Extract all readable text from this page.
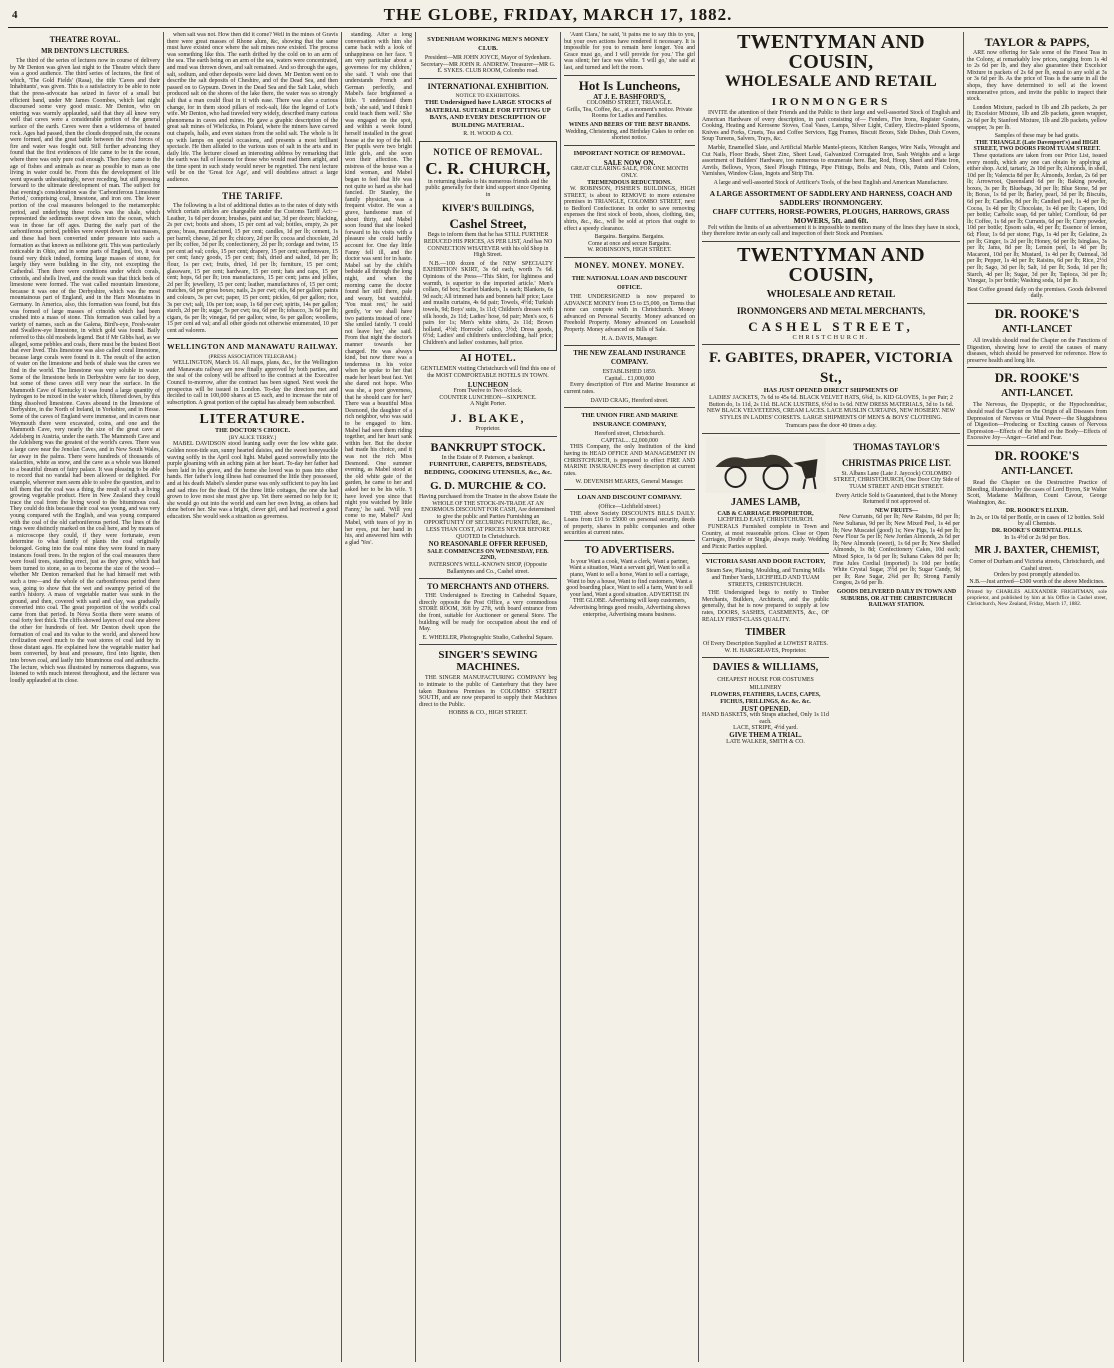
4	THE GLOBE, FRIDAY, MARCH 17, 1882.
THEATRE ROYAL.
MR DENTON'S LECTURES.

The third of the series of lectures now in course of delivery by Mr Denton was given last night to the Theatre which there was a good audience. The third series of lectures, the first of which, 'The Gold Fields' (Rasa), the title 'Caves and their Inhabitants', was given. This is a satisfactory to be able to note that the press-advocate has seized in favor of a small but efficient band, under Mr James Coombes, which last night discoursed some very good music. Mr Denton, who on entering was warmly applauded, said that they all knew very well that caves were a considerable portion of the general surface of the earth. Caves were then a wilderness of heated rock. Ages had passed, then the clouds dropped rain, the oceans were formed, and the great battle between the rival forces of fire and water was fought out. Still further advancing they found that the first evidences of life came to be in the ocean, where there was only pure coal enough. Then they came to the age of fishes and animals as near as possible to man as one living in water could be. From this the development of life went upwards unhesitatingly, never receding, but still pressing forward to the ultimate development of man. The subject for that evening's consideration was the 'Carboniferous Limestone Period,' comprising coal, limestone, and iron ore. The lower portion of the coal measures belonged to the metamorphic period, and underlying these rocks was the shale, which represented the sediments swept down into the ocean, which was in those far off ages. During the early part of the carboniferous period, pebbles were swept down in vast masses, and these had been converted under pressure into such a formation as that known as millstone grit. This was particularly noticeable in Ohio, and in some parts of England, too, it was found very thick indeed, forming large masses of stone, for largely they were building in the city, not excepting the Cathedral. Then there were conditions under which corals, crinoids, and shells lived, and the result was that thick beds of limestone were formed. The vast called mountain limestone, because it was one of the Derbyshire, which was the most mountainous part of England, and in the Harz Mountains in Germany. In America, also, this formation was found, but this was formed of large masses of crinoids which had been crushed into a mass of stone. This formation was called by a variety of names, such as the Galena, Bird's-eye, Fresh-water and Swallow-eye limestone, in which gold was found. Baily referred to this old mosbeds legend. But if Mr Gibbs had, as we alleged, some pebbles and coals, there must be the busiest Boot that ever lived. This limestone was also called coral limestone, because large corals were found in it. The result of the action of water on the limestone and beds of shale was the caves we find in the world. The limestone was very soluble in water. Some of the limestone beds in Derbyshire were far too deep, but some of these caves still very near the surface. In the Mammoth Cave of Kentucky it was found a large quantity of hydrogen to be mixed in the water which, filtered down, by this thing dissolved limestone. Caves abound in the limestone of Derbyshire, in the North of Ireland, in Yorkshire, and in Hesse. Some of the caves of England were immense, and in caves near Weymouth there were excavated, coins, and one and the Mammoth Cave, very nearly the size of the great cave at Adelsberg in Austria, under the earth. The Mammoth Cave and the Adelsberg was the greatest of the world's caves. There was a large cave near the Jenolan Caves, and in New South Wales, far away in the palms. There were hundreds of thousands of stalactites, white as snow, and the cave as a whole was likened to a beautiful dream of fairy palace. It was pleasing to be able to record that no vandal had been allowed or delighted. For example, wherever men seem able to solve the question, and to tell them that the coal was a thing, the result of such a living growing vegetable product. Here in New Zealand they could trace the coal from the living wood to the bituminous coal. They could do this because their coal was young, and was very young compared with the English, and was young compared with the coal of the old carboniferous period. The lines of the rings were distinctly marked on the coal here, and by means of a microscope they could, if they were fortunate, even determine to what family of plants the coal originally belonged. Going into the coal mine they were found in many instances fossil trees. In the region of the coal measures there were fossil trees, standing erect, just as they grew, which had been turned to stone, so as to become the size of the wood—whether Mr Denton remarked that he had himself met with such a tree—and the whole of the carboniferous period there was, going to show that the wet and swampy period of the earth's history. A mass of vegetable matter was sunk in the ground, and then, covered with sand and clay, was gradually converted into coal. The great proportion of the world's coal came from that period. In Nova Scotia there were seams of coal forty feet thick. The cliffs showed layers of coal one above the other for hundreds of feet. Mr Denton dwelt upon the formation of coal and its value to the world, and showed how civilization owed much to the vast stores of coal laid by in those distant ages. He explained how the vegetable matter had been converted, by heat and pressure, first into lignite, then into brown coal, and lastly into bituminous coal and anthracite. The lecture, which was illustrated by numerous diagrams, was listened to with much interest throughout, and the lecturer was loudly applauded at its close.

when salt was not. How then did it come? Well in the mines of Gravis there were great masses of Rhone alum, &c, showing that the same must have existed once where the salt mines now existed. The process was something like this. The earth drifted by the cold on to an arm of the sea. The earth being on an arm of the sea, waters were concentrated, and mud was thrown down, and salt remained. And so through the ages, salt, sodium, and other deposits were laid down. Mr Denton went on to describe the salt deposits of Cheshire, and of the Dead Sea, and then passed on to Gypsum. Down in the Dead Sea and the Salt Lake, which produced salt on the shores of the lake there, the water was so strongly salt that a man could float in it with ease. There was also a curious change, for in them stood pillars of rock-salt, like the legend of Lot's wife. Mr Denton, who had traveled very widely, described many curious phenomena in caves and mines. He gave a graphic description of the great salt mines of Wieliczka, in Poland, where the miners have carved out chapels, halls, and even statues from the solid salt. The whole is lit up with lamps on special occasions, and presents a most brilliant spectacle. He then alluded to the various uses of salt in the arts and in daily life. The lecturer closed an interesting address by remarking that the earth was full of lessons for those who would read them aright, and the time spent in such study would never be regretted. The next lecture will be on the 'Great Ice Age', and will doubtless attract a large audience.

THE TARIFF.

The following is a list of additional duties as to the rates of duty with which certain articles are chargeable under the Customs Tariff Act:— Leather, 1s 6d per dozen; brushes, paint and tar, 3d per dozen; blacking, 2s per cwt; boots and shoes, 15 per cent ad val; bottles, empty, 2s per gross; brass, manufactured, 15 per cent; candles, 1d per lb; cement, 1s per barrel; cheese, 2d per lb; chicory, 2d per lb; cocoa and chocolate, 2d per lb; coffee, 3d per lb; confectionery, 2d per lb; cordage and twine, 15 per cent ad val; corks, 15 per cent; drapery, 15 per cent; earthenware, 15 per cent; fancy goods, 15 per cent; fish, dried and salted, 1d per lb; flour, 1s per cwt; fruits, dried, 1d per lb; furniture, 15 per cent; glassware, 15 per cent; hardware, 15 per cent; hats and caps, 15 per cent; hops, 6d per lb; iron manufactures, 15 per cent; jams and jellies, 2d per lb; jewellery, 15 per cent; leather, manufactures of, 15 per cent; matches, 6d per gross boxes; nails, 2s per cwt; oils, 6d per gallon; paints and colours, 3s per cwt; paper, 15 per cent; pickles, 6d per gallon; rice, 3s per cwt; salt, 10s per ton; soap, 1s 6d per cwt; spirits, 14s per gallon; starch, 2d per lb; sugar, 5s per cwt; tea, 6d per lb; tobacco, 3s 6d per lb; cigars, 6s per lb; vinegar, 6d per gallon; wine, 6s per gallon; woollens, 15 per cent ad val; and all other goods not otherwise enumerated, 10 per cent ad valorem.

WELLINGTON AND MANAWATU RAILWAY.
(PRESS ASSOCIATION TELEGRAM.)

WELLINGTON, March 16. All maps, plans, &c., for the Wellington and Manawatu railway are now finally approved by both parties, and the seal of the colony will be affixed to the contract at the Executive Council to-morrow, after the contract has been signed. Next week the prospectus will be issued in London. To-day the directors met and decided to call in 100,000 shares at £5 each, and to increase the rate of subscription. A great portion of the capital has already been subscribed.

LITERATURE.
THE DOCTOR'S CHOICE.
[BY ALICE TERRY.]

MABEL DAVIDSON stood leaning sadly over the low white gate. Golden noon-tide sun, sunny hearted daisies, and the sweet honeysuckle waving softly in the April cool light. Mabel gazed sorrowfully into the purple gloaming with an aching pain at her heart. To-day her father had been laid in his grave, and the home she loved was to pass into other hands. Her father's long illness had consumed the little they possessed, and at his death Mabel's slender purse was only sufficient to pay his last and sad rites for the dead. Of the three little cottages, the one she had grown to love most she must give up. Yet there seemed no help for it; she would go out into the world and earn her own living, as others had done before her. She was a bright, clever girl, and had received a good education. She would seek a situation as governess.

standing. After a long conversation with him she came back with a look of unhappiness on her face. 'I am very particular about a governess for my children,' she said. 'I wish one that understands French and German perfectly, and Mabel's face brightened a little. 'I understand them both,' she said, 'and I think I could teach them well.' She was engaged on the spot, and within a week found herself installed in the great house at the top of the hill. Her pupils were two bright little girls, and she soon won their affection. The mistress of the house was a kind woman, and Mabel began to feel that life was not quite so hard as she had fancied. Dr Stanley, the family physician, was a frequent visitor. He was a grave, handsome man of about thirty, and Mabel soon found that she looked forward to his visits with a pleasure she could hardly account for. One day little Fanny fell ill, and the doctor was sent for in haste. Mabel sat by the child's bedside all through the long night, and when the morning came the doctor found her still there, pale and weary, but watchful. 'You must rest,' he said gently, 'or we shall have two patients instead of one.' She smiled faintly. 'I could not leave her,' she said. From that night the doctor's manner towards her changed. He was always kind, but now there was a tenderness in his voice when he spoke to her that made her heart beat fast. Yet she dared not hope. Who was she, a poor governess, that he should care for her? There was a beautiful Miss Desmond, the daughter of a rich neighbor, who was said to be engaged to him. Mabel had seen them riding together, and her heart sank within her. But the doctor had made his choice, and it was not the rich Miss Desmond. One summer evening, as Mabel stood at the old white gate of the garden, he came to her and asked her to be his wife. 'I have loved you since that night you watched by little Fanny,' he said. 'Will you come to me, Mabel?' And Mabel, with tears of joy in her eyes, put her hand in his, and answered him with a glad 'Yes'.

SYDENHAM WORKING MEN'S MONEY CLUB.

President—MR JOHN JOYCE, Mayor of Sydenham. Secretary—MR JOHN R. ANDREW. Treasurer—MR G. E. SYKES. CLUB ROOM, Colombo road.

INTERNATIONAL EXHIBITION.
NOTICE TO EXHIBITORS.

THE Undersigned have LARGE STOCKS of MATERIAL SUITABLE FOR FITTING UP BAYS, AND EVERY DESCRIPTION OF BUILDING MATERIAL.

R. H. WOOD & CO.
NOTICE OF REMOVAL.
C. R. CHURCH,

in returning thanks to his numerous friends and the public generally for their kind support since Opening in

KIVER'S BUILDINGS,
Cashel Street,

Begs to inform them that he has STILL FURTHER REDUCED HIS PRICES, AS PER LIST, And has NO CONNECTION WHATEVER with his old Shop in High Street.

N.B.—100 dozen of the NEW SPECIALTY EXHIBITION SKIRT, 3s 6d each, worth 7s 6d. Opinions of the Press—'This Skirt, for lightness and warmth, is superior to the imported article.' Men's collars, 6d box; Scarlet blankets, 1s each; Blankets, 6s 9d each; All trimmed hats and bonnets half price; Lace and muslin curtains, 4s 6d pair; Towels, 4½d; Turkish towels, 9d; Boys' suits, 1s 11d; Children's dresses with silk hoods, 2s 11d; Ladies' hose, 6d pair; Men's sox, 6 pairs for 1s; Men's white shirts, 2s 11d; Brown holland, 4½d; Horrocks' calico, 3½d; Dress goods, 6½d; Ladies' and children's underclothing, half price; Children's and ladies' costumes, half price.

AI HOTEL.

GENTLEMEN visiting Christchurch will find this one of the MOST COMFORTABLE HOTELS IN TOWN.

LUNCHEON
From Twelve to Two o'clock.
COUNTER LUNCHEON—SIXPENCE.
A Night Porter.
J. BLAKE,
Proprietor.
BANKRUPT STOCK.
In the Estate of P. Paterson, a bankrupt.
FURNITURE, CARPETS, BEDSTEADS, BEDDING, COOKING UTENSILS, &c., &c.
G. D. MURCHIE & CO.

Having purchased from the Trustee in the above Estate the WHOLE OF THE STOCK-IN-TRADE AT AN ENORMOUS DISCOUNT FOR CASH, Are determined to give the public and Parties Furnishing an OPPORTUNITY OF SECURING FURNITURE, &c., LESS THAN COST, AT PRICES NEVER BEFORE QUOTED In Christchurch.

NO REASONABLE OFFER REFUSED,
SALE COMMENCES ON WEDNESDAY, FEB. 22ND,
PATERSON'S WELL-KNOWN SHOP, (Opposite Ballantynes and Co., Cashel street.
TO MERCHANTS AND OTHERS.

THE Undersigned is Erecting in Cathedral Square, directly opposite the Post Office, a very commodious STORE ROOM, 36ft by 27ft, with board entrance from the front, suitable for Auctioneer or general Store. The building will be ready for occupation about the end of May.

E. WHEELER, Photographic Studio, Cathedral Square.
SINGER'S SEWING MACHINES.

THE SINGER MANUFACTURING COMPANY beg to intimate to the public of Canterbury that they have taken Business Premises in COLOMBO STREET SOUTH, and are now prepared to supply their Machines direct to the Public.

HOBBS & CO., HIGH STREET.

'Aunt Clara,' he said, 'it pains me to say this to you, but your own actions have rendered it necessary. It is impossible for you to remain here longer. You and Grace must go, and I will provide for you.' The girl was silent; her face was white. 'I will go,' she said at last, and turned and left the room.

Hot Is Luncheons,
AT J. E. BASHFORD'S,
COLOMBO STREET, TRIANGLE.

Grills, Tea, Coffee, &c., at a moment's notice. Private Rooms for Ladies and Families.

WINES AND BEERS OF THE BEST BRANDS.

Wedding, Christening, and Birthday Cakes to order on shortest notice.

IMPORTANT NOTICE OF REMOVAL.
SALE NOW ON.
GREAT CLEARING SALE, FOR ONE MONTH ONLY.
TREMENDOUS REDUCTIONS.

W. ROBINSON, FISHER'S BUILDINGS, HIGH STREET, is about to REMOVE to more extensive premises in TRIANGLE, COLOMBO STREET, next to Bedford Confectioner. In order to save removing expenses the first stock of boots, shoes, clothing, ties, shirts, &c., &c., will be sold at prices that ought to effect a speedy clearance.

Bargains. Bargains. Bargains.
Come at once and secure Bargains.
W. ROBINSON'S, HIGH STREET.
MONEY. MONEY. MONEY.
THE NATIONAL LOAN AND DISCOUNT OFFICE.

THE UNDERSIGNED is now prepared to ADVANCE MONEY from £5 to £5,000, on Terms that none can compete with in Christchurch. Money advanced on Personal Security. Money advanced on Freehold Property. Money advanced on Leasehold Property. Money advanced on Bills of Sale.

H. A. DAVIS, Manager.
THE NEW ZEALAND INSURANCE COMPANY.
ESTABLISHED 1859.
Capital... £1,000,000

Every description of Fire and Marine Insurance at current rates.

DAVID CRAIG, Hereford street.
THE UNION FIRE AND MARINE INSURANCE COMPANY,
Hereford street, Christchurch.
CAPITAL... £2,000,000

THIS Company, the only Institution of the kind having its HEAD OFFICE AND MANAGEMENT IN CHRISTCHURCH, is prepared to effect FIRE AND MARINE INSURANCES every description at current rates.

W. DEVENISH MEARES, General Manager.
LOAN AND DISCOUNT COMPANY.
(Office—Lichfield street.)

THE above Society DISCOUNTS BILLS DAILY. Loans from £10 to £5000 on personal security, deeds of property, shares in public companies and other securities at current rates.

TO ADVERTISERS.

Is your Want a cook, Want a clerk, Want a partner, Want a situation, Want a servant girl, Want to sell a piano, Want to sell a horse, Want to sell a carriage, Want to buy a house, Want to find customers, Want a good boarding place, Want to sell a farm, Want to sell your land, Want a good situation. ADVERTISE IN THE GLOBE. Advertising will keep customers, Advertising brings good results, Advertising shows enterprise, Advertising means business.

TWENTYMAN AND COUSIN,
WHOLESALE AND RETAIL
IRONMONGERS

INVITE the attention of their Friends and the Public to their large and well-assorted Stock of English and American Hardware of every description, in part consisting of— Fenders, Fire Irons, Register Grates, Cooking, Heating and Kerosene Stoves, Coal Vases, Lamps, Silver Light, Cutlery, Electro-plated Spoons, Knives and Forks, Cruets, Tea and Coffee Services, Egg Frames, Biscuit Boxes, Side Dishes, Dish Covers, Soup Tureens, Salvers, Trays, &c.

Marble, Enamelled Slate, and Artificial Marble Mantel-pieces, Kitchen Ranges, Wire Nails, Wrought and Cut Nails, Floor Brads, Sheet Zinc, Sheet Lead, Galvanized Corrugated Iron, Sash Weights and a large assortment of Builders' Hardware, too numerous to enumerate here. Bar, Rod, Hoop, Sheet and Plate Iron, Anvils, Bellows, Vyces, Steel Plough Fittings, Pipe Fittings, Bolts and Nuts, Oils, Paints and Colors, Varnishes, Window Glass, Ingots and Strip Tin.

A large and well-assorted Stock of Artificer's Tools, of the best English and American Manufacture.

A LARGE ASSORTMENT OF SADDLERY AND HARNESS, COACH AND SADDLERS' IRONMONGERY.
CHAFF CUTTERS, HORSE-POWERS, PLOUGHS, HARROWS, GRASS MOWERS, 5ft. and 6ft.

Felt within the limits of an advertisement it is impossible to mention many of the lines they have in stock, they therefore invite an early call and inspection of their Stock and Premises.

TWENTYMAN AND COUSIN,
WHOLESALE AND RETAIL
IRONMONGERS AND METAL MERCHANTS,
CASHEL STREET,
CHRISTCHURCH.
F. GABITES, DRAPER, VICTORIA St.,
HAS JUST OPENED DIRECT SHIPMENTS OF

LADIES' JACKETS, 7s 6d to 45s 6d. BLACK VELVET HATS, 6¾d, 1s. KID GLOVES, 1s per Pair; 2 Button do, 1s 11d, 2s 11d. BLACK LUSTRES, 6½d to 1s 6d. NEW DRESS MATERIALS, 3d to 1s 6d. NEW BLACK VELVETEENS, CREAM LACES. LACE MUSLIN CURTAINS, NEW HOSIERY. NEW STYLES IN LADIES' CORSETS. LARGE SHIPMENTS OF MEN'S & BOYS' CLOTHING.

Tramcars pass the door 40 times a day.
JAMES LAMB,
CAB & CARRIAGE PROPRIETOR,
LICHFIELD EAST, CHRISTCHURCH.

FUNERALS Furnished complete in Town and Country, at most reasonable prices. Close or Open Carriages, Double or Single, always ready. Wedding and Picnic Parties supplied.

VICTORIA SASH AND DOOR FACTORY,

Steam Saw, Planing, Moulding, and Turning Mills and Timber Yards, LICHFIELD AND TUAM STREETS, CHRISTCHURCH.

THE Undersigned begs to notify to Timber Merchants, Builders, Architects, and the public generally, that he is now prepared to supply at low rates, DOORS, SASHES, CASEMENTS, &c., OF REALLY FIRST-CLASS QUALITY.

TIMBER
Of Every Description Supplied at LOWEST RATES.
W. H. HARGREAVES, Proprietor.
DAVIES & WILLIAMS,
CHEAPEST HOUSE FOR COSTUMES MILLINERY
FLOWERS, FEATHERS, LACES, CAPES, FICHUS, FRILLINGS, &c. &c. &c.
JUST OPENED.
HAND BASKETS, with Straps attached, Only 1s 11d each.
LACE, STRIPE, 4½d yard.
GIVE THEM A TRIAL.
LATE WALKER, SMITH & CO.
THOMAS TAYLOR'S
CHRISTMAS PRICE LIST.

St. Albans Lane (Late J. Jaycock) COLOMBO STREET, CHRISTCHURCH, One Door City Side of TUAM STREET AND HIGH STREET.

Every Article Sold is Guaranteed, that is the Money Returned if not approved of.

NEW FRUITS—

New Currants, 6d per lb; New Raisins, 8d per lb; New Sultanas, 9d per lb; New Mixed Peel, 1s 4d per lb; New Muscatel (good) 1s; New Figs, 1s 4d per lb; New Flour 5s per lb; New Jordan Almonds, 2s 6d per lb; New Almonds (sweet), 1s 6d per lb; New Shelled Almonds, 1s 8d; Confectionery Cakes, 10d each; Mixed Spice, 1s 6d per lb; Sultana Cakes 8d per lb; Fine Jules Cordial (imported) 1s 10d per bottle; White Crystal Sugar, 3½d per lb; Sugar Candy, 9d per lb; Raw Sugar, 2¾d per lb; Strong Family Congou, 2s 6d per lb.

GOODS DELIVERED DAILY IN TOWN AND SUBURBS, OR AT THE CHRISTCHURCH RAILWAY STATION.
TAYLOR & PAPPS,

ARE now offering for Sale some of the Finest Teas in the Colony, at remarkably low prices, ranging from 1s 4d to 2s 6d per lb, and they also guarantee their Excelsior Mixture in packets of 2s 6d per lb, equal to any sold at 3s or 3s 6d per lb. As the price of Teas is the same in all the shops, they have determined to sell at the lowest remunerative prices, and invite the public to inspect their stock.

London Mixture, packed in 1lb and 2lb packets, 2s per lb; Excelsior Mixture, 1lb and 2lb packets, green wrapper, 2s 6d per lb; Stanford Mixture, 1lb and 2lb packets, yellow wrapper, 3s per lb.

Samples of these may be had gratis.
THE TRIANGLE (Late Davenport's) and HIGH STREET, TWO DOORS FROM TUAM STREET.

These quotations are taken from our Price List, issued every month, which any one can obtain by applying at either shop. Acid, tartaric, 2s 10d per lb; Almonds, in shell, 10d per lb; Valencia 8d per lb; Almonds, Jordan, 2s 6d per lb; Arrowroot, Queensland 6d per lb; Baking powder, boxes, 3s per lb; Bluebags, 3d per lb; Blue Stone, 5d per lb; Borax, 1s 6d per lb; Barley, pearl, 3d per lb; Biscuits, 6d per lb; Candles, 8d per lb; Candied peel, 1s 4d per lb; Cocoa, 1s 4d per lb; Chocolate, 1s 4d per lb; Capers, 10d per bottle; Carbolic soap, 6d per tablet; Cornflour, 6d per lb; Coffee, 1s 6d per lb; Currants, 6d per lb; Curry powder, 10d per bottle; Epsom salts, 4d per lb; Essence of lemon, 6d; Flour, 1s 6d per stone; Figs, 1s 4d per lb; Gelatine, 2s per lb; Ginger, 1s 2d per lb; Honey, 6d per lb; Isinglass, 3s per lb; Jams, 8d per lb; Lemon peel, 1s 4d per lb; Macaroni, 10d per lb; Mustard, 1s 4d per lb; Oatmeal, 3d per lb; Pepper, 1s 4d per lb; Raisins, 6d per lb; Rice, 2½d per lb; Sago, 3d per lb; Salt, 1d per lb; Soda, 1d per lb; Starch, 4d per lb; Sugar, 3d per lb; Tapioca, 3d per lb; Vinegar, 1s per bottle; Washing soda, 1d per lb.

Best Coffee ground daily on the premises. Goods delivered daily.
DR. ROOKE'S
ANTI-LANCET

All invalids should read the Chapter on the Functions of Digestion, showing how to avoid the causes of many diseases, which should be preserved for reference. How to preserve health and long life.

DR. ROOKE'S
ANTI-LANCET.

The Nervous, the Dyspeptic, or the Hypochondriac, should read the Chapter on the Origin of all Diseases from Depression of Nervous or Vital Power—the Sluggishness of Digestion—Producing or Exciting causes of Nervous Depression—Effects of the Mind on the Body—Effects of Excessive Joy—Anger—Grief and Fear.

DR. ROOKE'S
ANTI-LANCET.

Read the Chapter on the Destructive Practice of Bleeding, illustrated by the cases of Lord Byron, Sir Walter Scott, Madame Malibran, Count Cavour, George Washington, &c.

DR. ROOKE'S ELIXIR.
In 2s, or 10s 6d per Bottle, or in cases of 12 bottles. Sold by all Chemists.
DR. ROOKE'S ORIENTAL PILLS.
In 1s 4½d or 2s 9d per Box.
MR J. BAXTER, CHEMIST,
Corner of Durham and Victoria streets, Christchurch, and Cashel street.
Orders by post promptly attended to.
N.B.—Just arrived—£300 worth of the above Medicines.
Printed by CHARLES ALEXANDER FRIGHTMAN, sole proprietor, and published by him at his Office in Cashel street, Christchurch, New Zealand, Friday, March 17, 1882.
